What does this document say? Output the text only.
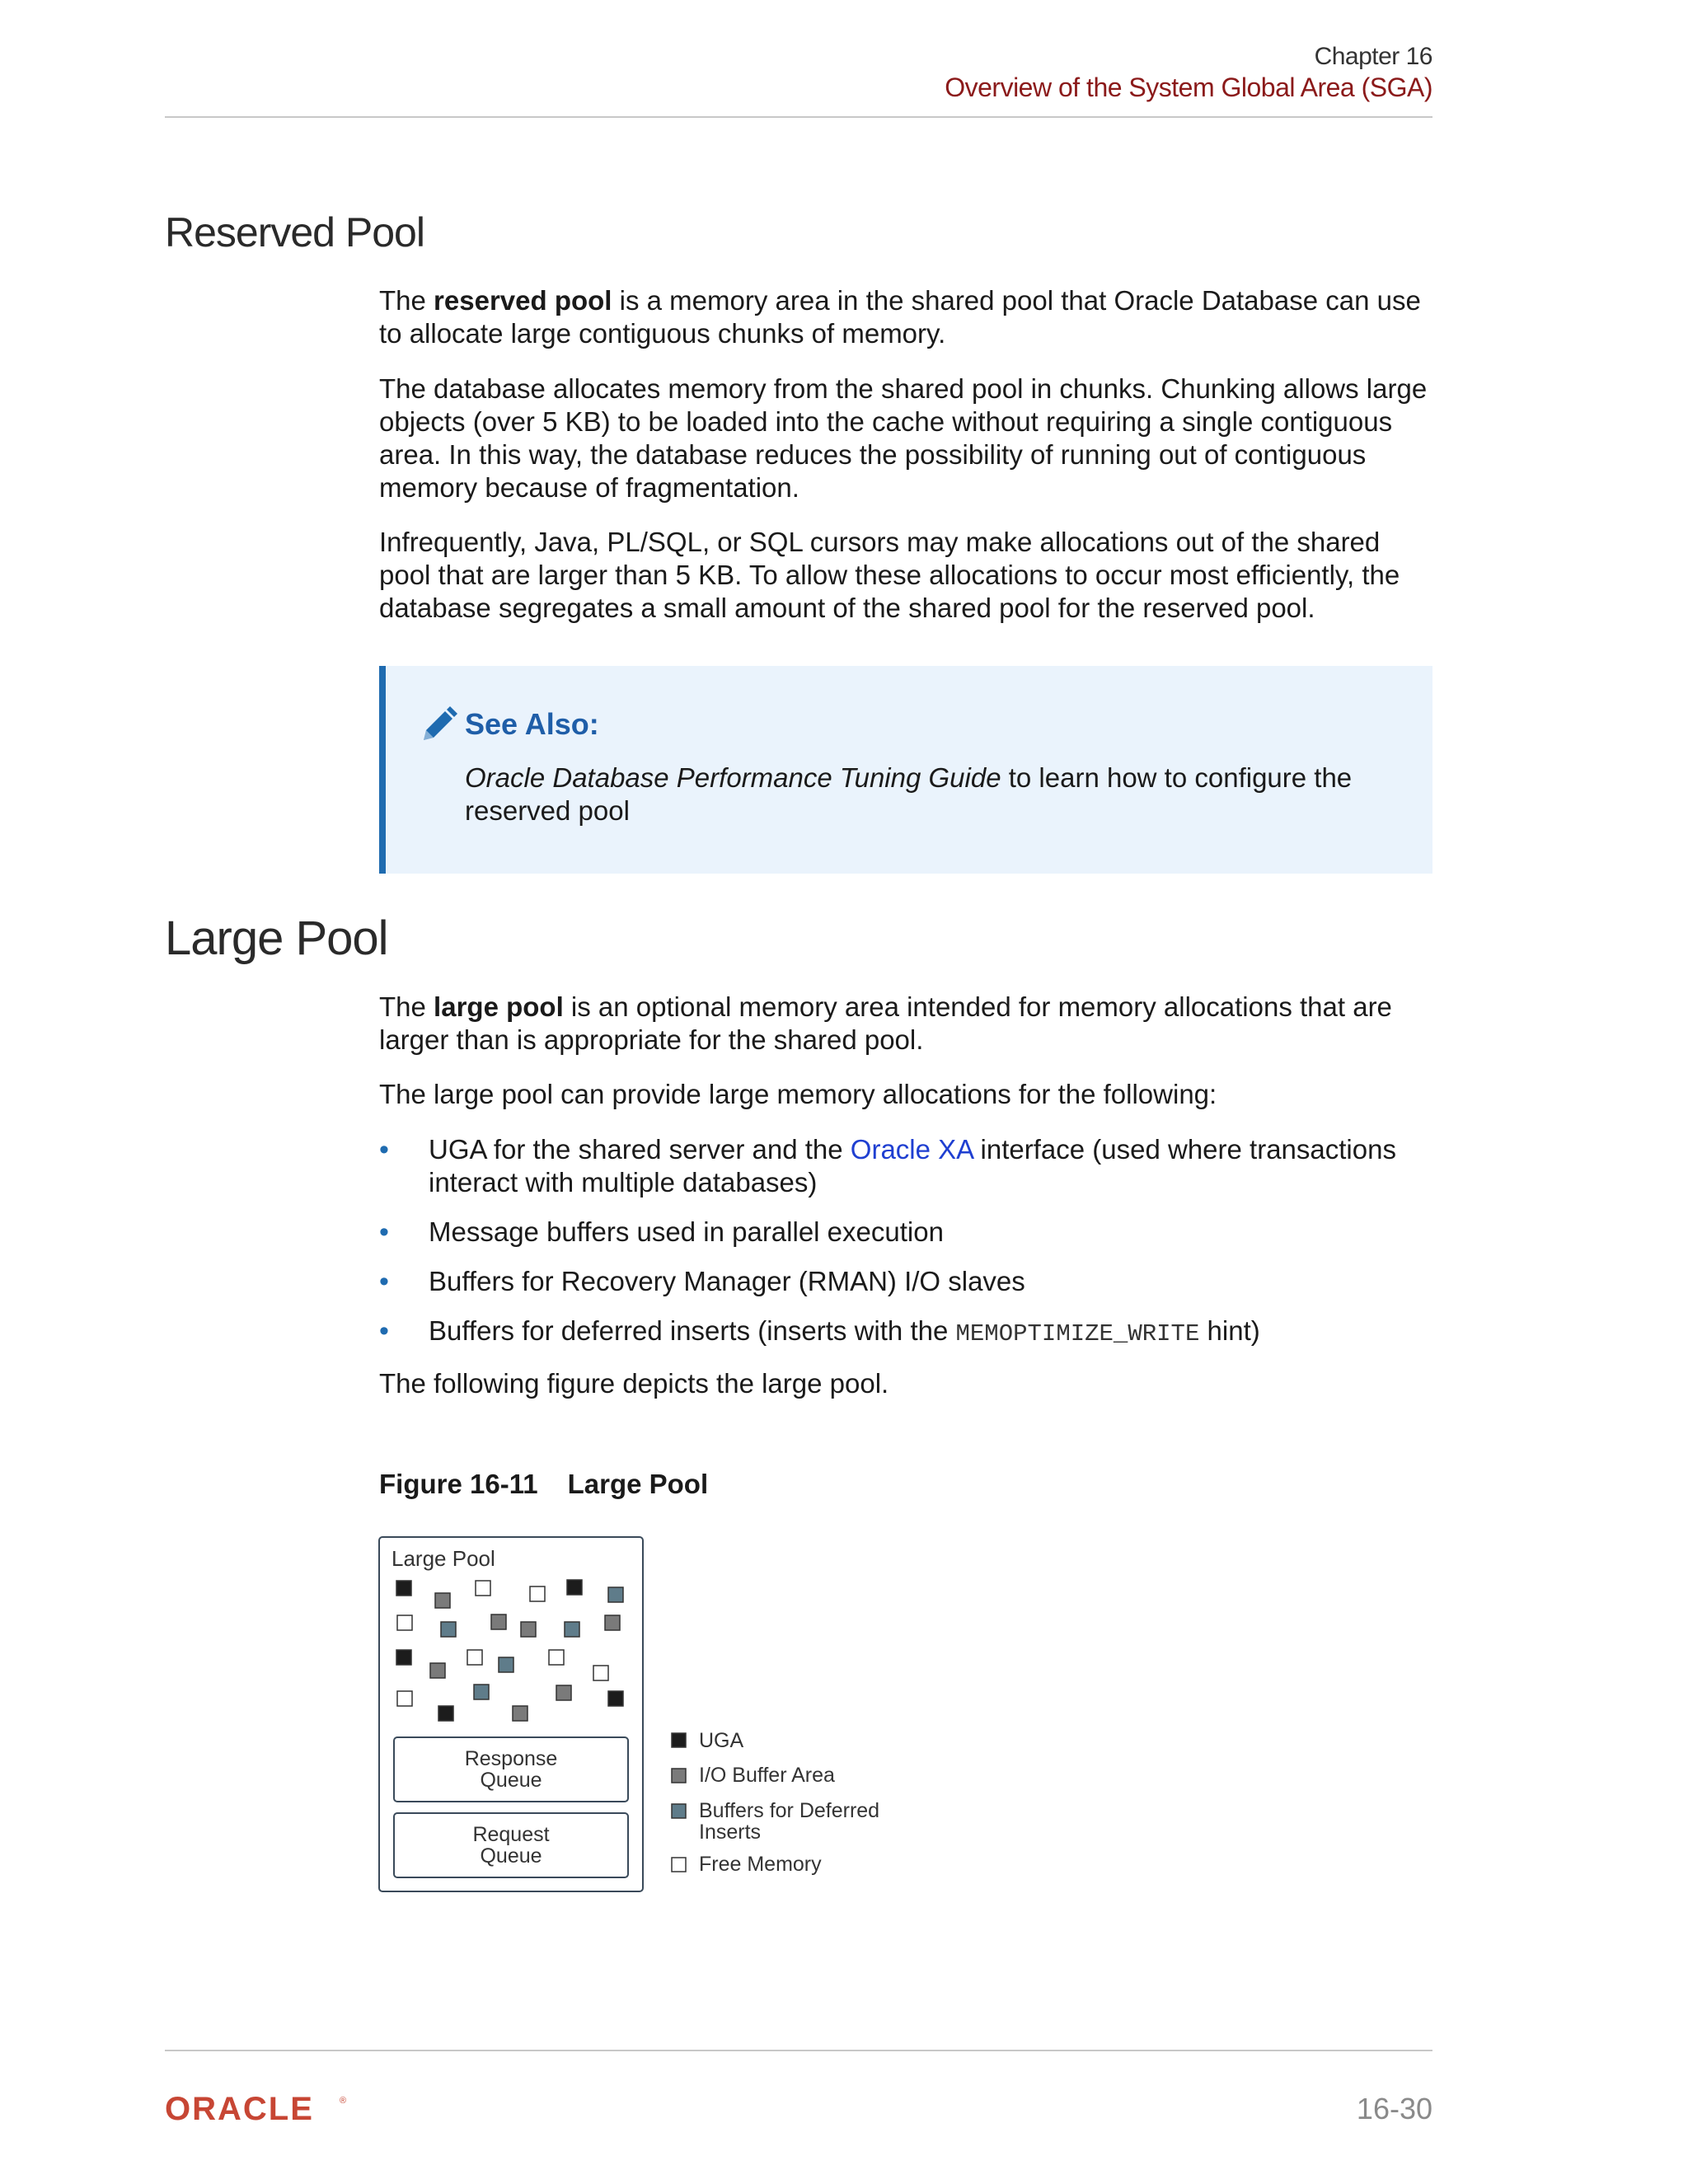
Chapter 16
Overview of the System Global Area (SGA)
Reserved Pool

The reserved pool is a memory area in the shared pool that Oracle Database can use to allocate large contiguous chunks of memory.

The database allocates memory from the shared pool in chunks. Chunking allows large objects (over 5 KB) to be loaded into the cache without requiring a single contiguous area. In this way, the database reduces the possibility of running out of contiguous memory because of fragmentation.

Infrequently, Java, PL/SQL, or SQL cursors may make allocations out of the shared pool that are larger than 5 KB. To allow these allocations to occur most efficiently, the database segregates a small amount of the shared pool for the reserved pool.

See Also:
Oracle Database Performance Tuning Guide to learn how to configure the reserved pool
Large Pool

The large pool is an optional memory area intended for memory allocations that are larger than is appropriate for the shared pool.

The large pool can provide large memory allocations for the following:

• UGA for the shared server and the Oracle XA interface (used where transactions interact with multiple databases)
• Message buffers used in parallel execution
• Buffers for Recovery Manager (RMAN) I/O slaves
• Buffers for deferred inserts (inserts with the MEMOPTIMIZE_WRITE hint)

The following figure depicts the large pool.

Figure 16-11 Large Pool
Large Pool
Response
Queue
Request
Queue
UGA
I/O Buffer Area
Buffers for Deferred
Inserts
Free Memory
ORACLE	®	16-30
